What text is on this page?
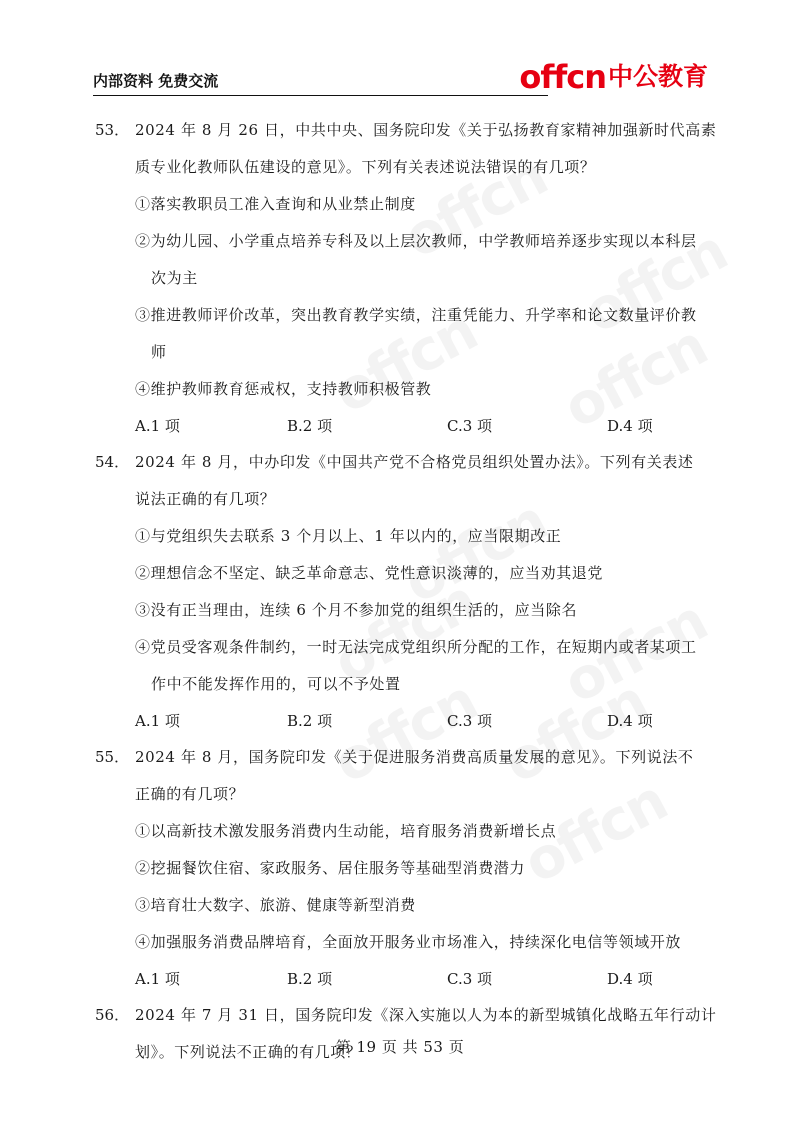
内部资料 免费交流	offcn 中公教育
53． 2024 年 8 月 26 日，中共中央、国务院印发《关于弘扬教育家精神加强新时代高素
质专业化教师队伍建设的意见》。下列有关表述说法错误的有几项？
①落实教职员工准入查询和从业禁止制度
②为幼儿园、小学重点培养专科及以上层次教师，中学教师培养逐步实现以本科层
次为主
③推进教师评价改革，突出教育教学实绩，注重凭能力、升学率和论文数量评价教
师
④维护教师教育惩戒权，支持教师积极管教
A.1 项	B.2 项	C.3 项	D.4 项
54． 2024 年 8 月，中办印发《中国共产党不合格党员组织处置办法》。下列有关表述
说法正确的有几项？
①与党组织失去联系 3 个月以上、1 年以内的，应当限期改正
②理想信念不坚定、缺乏革命意志、党性意识淡薄的，应当劝其退党
③没有正当理由，连续 6 个月不参加党的组织生活的，应当除名
④党员受客观条件制约，一时无法完成党组织所分配的工作，在短期内或者某项工
作中不能发挥作用的，可以不予处置
A.1 项	B.2 项	C.3 项	D.4 项
55． 2024 年 8 月，国务院印发《关于促进服务消费高质量发展的意见》。下列说法不
正确的有几项？
①以高新技术激发服务消费内生动能，培育服务消费新增长点
②挖掘餐饮住宿、家政服务、居住服务等基础型消费潜力
③培育壮大数字、旅游、健康等新型消费
④加强服务消费品牌培育，全面放开服务业市场准入，持续深化电信等领域开放
A.1 项	B.2 项	C.3 项	D.4 项
56． 2024 年 7 月 31 日，国务院印发《深入实施以人为本的新型城镇化战略五年行动计
划》。下列说法不正确的有几项？
第 19 页 共 53 页
